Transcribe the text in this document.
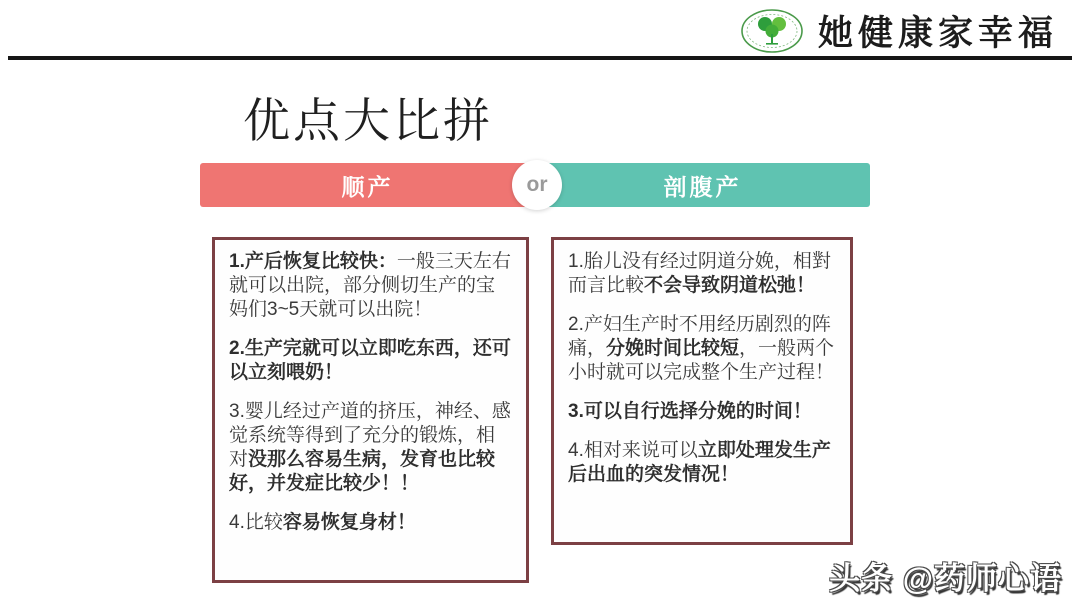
她健康家幸福
优点大比拼
顺产	剖腹产
or

1.产后恢复比较快：一般三天左右就可以出院，部分侧切生产的宝妈们3~5天就可以出院！

2.生产完就可以立即吃东西，还可以立刻喂奶！

3.婴儿经过产道的挤压，神经、感觉系统等得到了充分的锻炼，相对没那么容易生病，发育也比较好，并发症比较少！！

4.比较容易恢复身材！

1.胎儿没有经过阴道分娩，相對而言比較不会导致阴道松弛！

2.产妇生产时不用经历剧烈的阵痛，分娩时间比较短，一般两个小时就可以完成整个生产过程！

3.可以自行选择分娩的时间！

4.相对来说可以立即处理发生产后出血的突发情况！

头条 @药师心语
